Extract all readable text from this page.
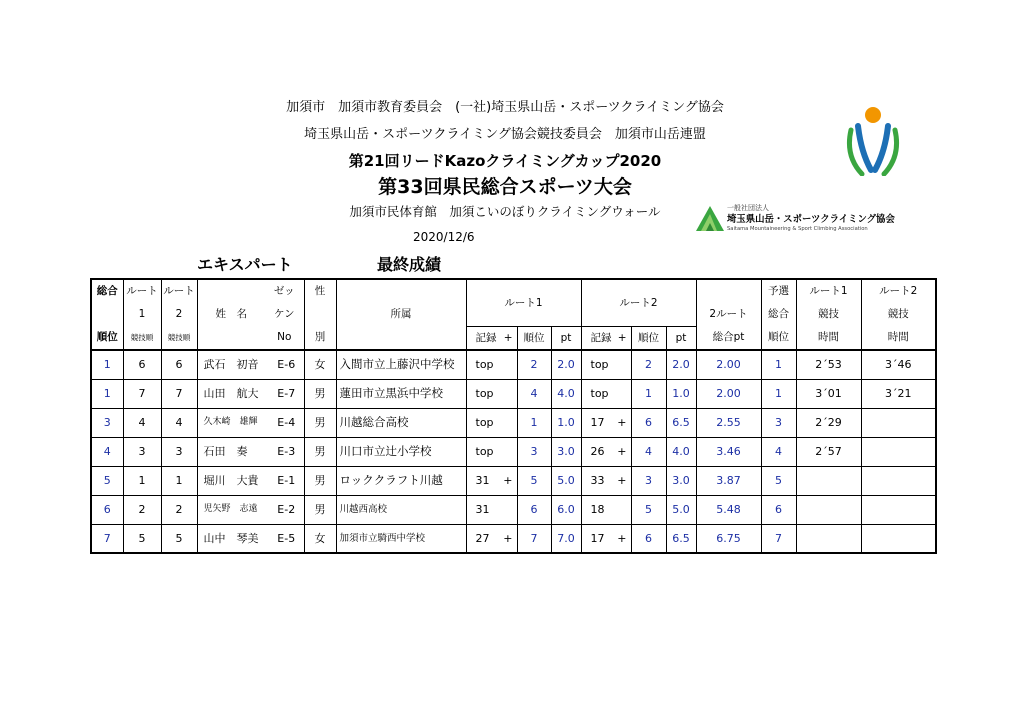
加須市　加須市教育委員会　(一社)埼玉県山岳・スポーツクライミング協会
埼玉県山岳・スポーツクライミング協会競技委員会　加須市山岳連盟
第21回リードKazoクライミングカップ2020
第33回県民総合スポーツ大会
加須市民体育館　加須こいのぼりクライミングウォール
2020/12/6
一般社団法人
埼玉県山岳・スポーツクライミング協会
Saitama Mountaineering & Sport Climbing Association
エキスパート	最終成績
総合	ルート	ルート		ゼッ	性		ルート1			ルート2				予選	ルート1	ルート2
	1	2	姓　名	ケン		所属							2ルート	総合	競技	競技
順位	競技順	競技順		No	別		記録 +	順位	pt	記録 +	順位	pt	総合pt	順位	時間	時間
1	6	6	武石　初音	E-6	女	入間市立上藤沢中学校	top	2	2.0	top	2	2.0	2.00	1	2´53	3´46
1	7	7	山田　航大	E-7	男	蓮田市立黒浜中学校	top	4	4.0	top	1	1.0	2.00	1	3´01	3´21
3	4	4	久木崎　雄輝	E-4	男	川越総合高校	top	1	1.0	17 +	6	6.5	2.55	3	2´29	
4	3	3	石田　奏	E-3	男	川口市立辻小学校	top	3	3.0	26 +	4	4.0	3.46	4	2´57	
5	1	1	堀川　大貴	E-1	男	ロッククラフト川越	31 +	5	5.0	33 +	3	3.0	3.87	5		
6	2	2	児矢野　志遠	E-2	男	川越西高校	31	6	6.0	18	5	5.0	5.48	6		
7	5	5	山中　琴美	E-5	女	加須市立騎西中学校	27 +	7	7.0	17 +	6	6.5	6.75	7		
